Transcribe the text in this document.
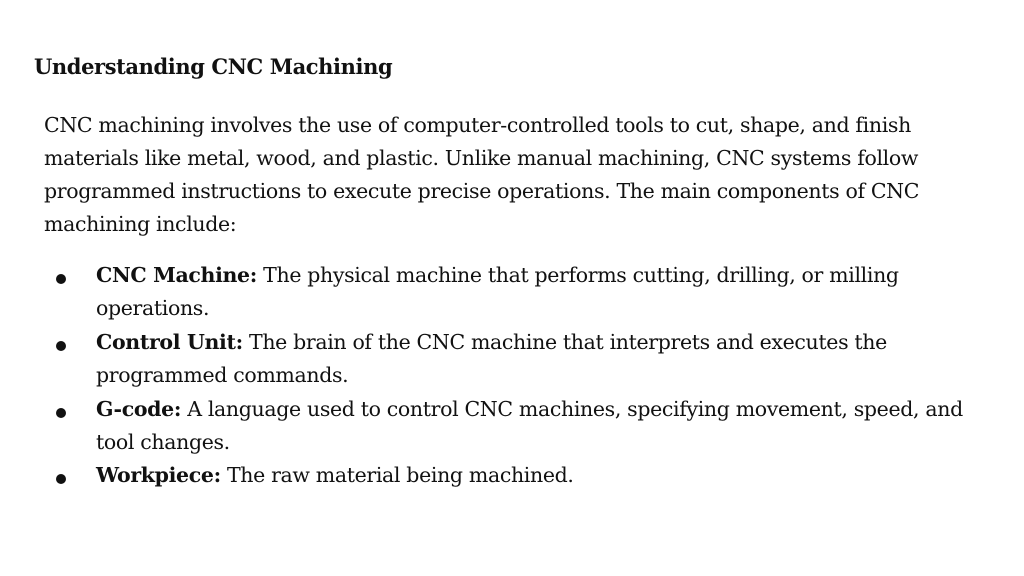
Understanding CNC Machining

CNC machining involves the use of computer-controlled tools to cut, shape, and finish materials like metal, wood, and plastic. Unlike manual machining, CNC systems follow programmed instructions to execute precise operations. The main components of CNC machining include:

CNC Machine: The physical machine that performs cutting, drilling, or milling operations.
Control Unit: The brain of the CNC machine that interprets and executes the programmed commands.
G-code: A language used to control CNC machines, specifying movement, speed, and tool changes.
Workpiece: The raw material being machined.
